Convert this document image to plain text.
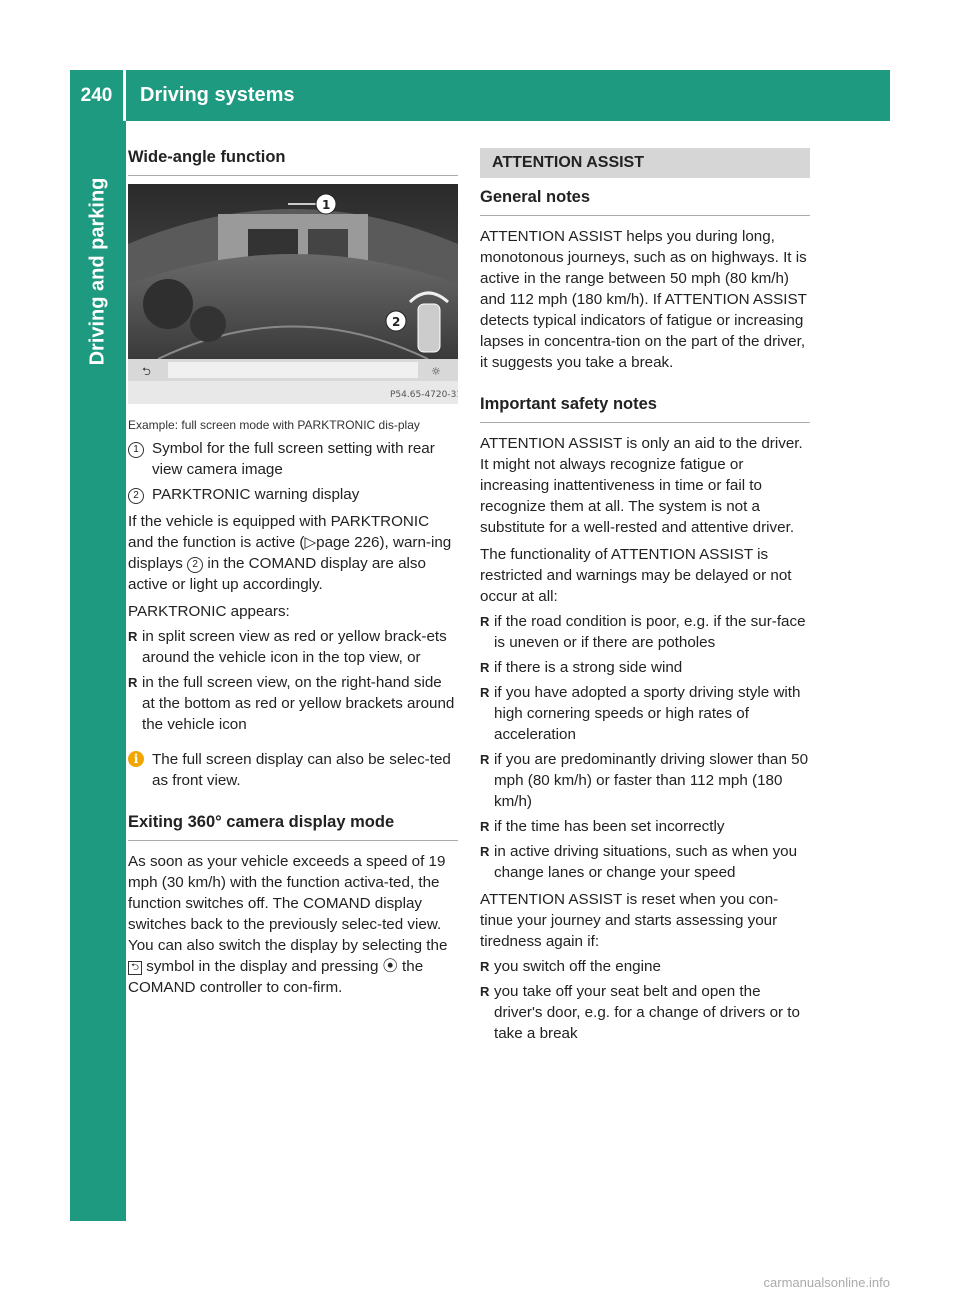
240	Driving systems
Driving and parking
Wide-angle function
⮌	☼
P54.65-4720-31
1
2

Example: full screen mode with PARKTRONIC dis-play

1 Symbol for the full screen setting with rear view camera image
2 PARKTRONIC warning display

If the vehicle is equipped with PARKTRONIC and the function is active (▷page 226), warn-ing displays 2 in the COMAND display are also active or light up accordingly.

PARKTRONIC appears:

R in split screen view as red or yellow brack-ets around the vehicle icon in the top view, or
R in the full screen view, on the right-hand side at the bottom as red or yellow brackets around the vehicle icon
i The full screen display can also be selec-ted as front view.
Exiting 360° camera display mode

As soon as your vehicle exceeds a speed of 19 mph (30 km/h) with the function activa-ted, the function switches off. The COMAND display switches back to the previously selec-ted view. You can also switch the display by selecting the ⮌ symbol in the display and pressing ⦿ the COMAND controller to con-firm.

ATTENTION ASSIST
General notes

ATTENTION ASSIST helps you during long, monotonous journeys, such as on highways. It is active in the range between 50 mph (80 km/h) and 112 mph (180 km/h). If ATTENTION ASSIST detects typical indicators of fatigue or increasing lapses in concentra-tion on the part of the driver, it suggests you take a break.

Important safety notes

ATTENTION ASSIST is only an aid to the driver. It might not always recognize fatigue or increasing inattentiveness in time or fail to recognize them at all. The system is not a substitute for a well-rested and attentive driver.

The functionality of ATTENTION ASSIST is restricted and warnings may be delayed or not occur at all:

R if the road condition is poor, e.g. if the sur-face is uneven or if there are potholes
R if there is a strong side wind
R if you have adopted a sporty driving style with high cornering speeds or high rates of acceleration
R if you are predominantly driving slower than 50 mph (80 km/h) or faster than 112 mph (180 km/h)
R if the time has been set incorrectly
R in active driving situations, such as when you change lanes or change your speed

ATTENTION ASSIST is reset when you con-tinue your journey and starts assessing your tiredness again if:

R you switch off the engine
R you take off your seat belt and open the driver's door, e.g. for a change of drivers or to take a break
carmanualsonline.info
